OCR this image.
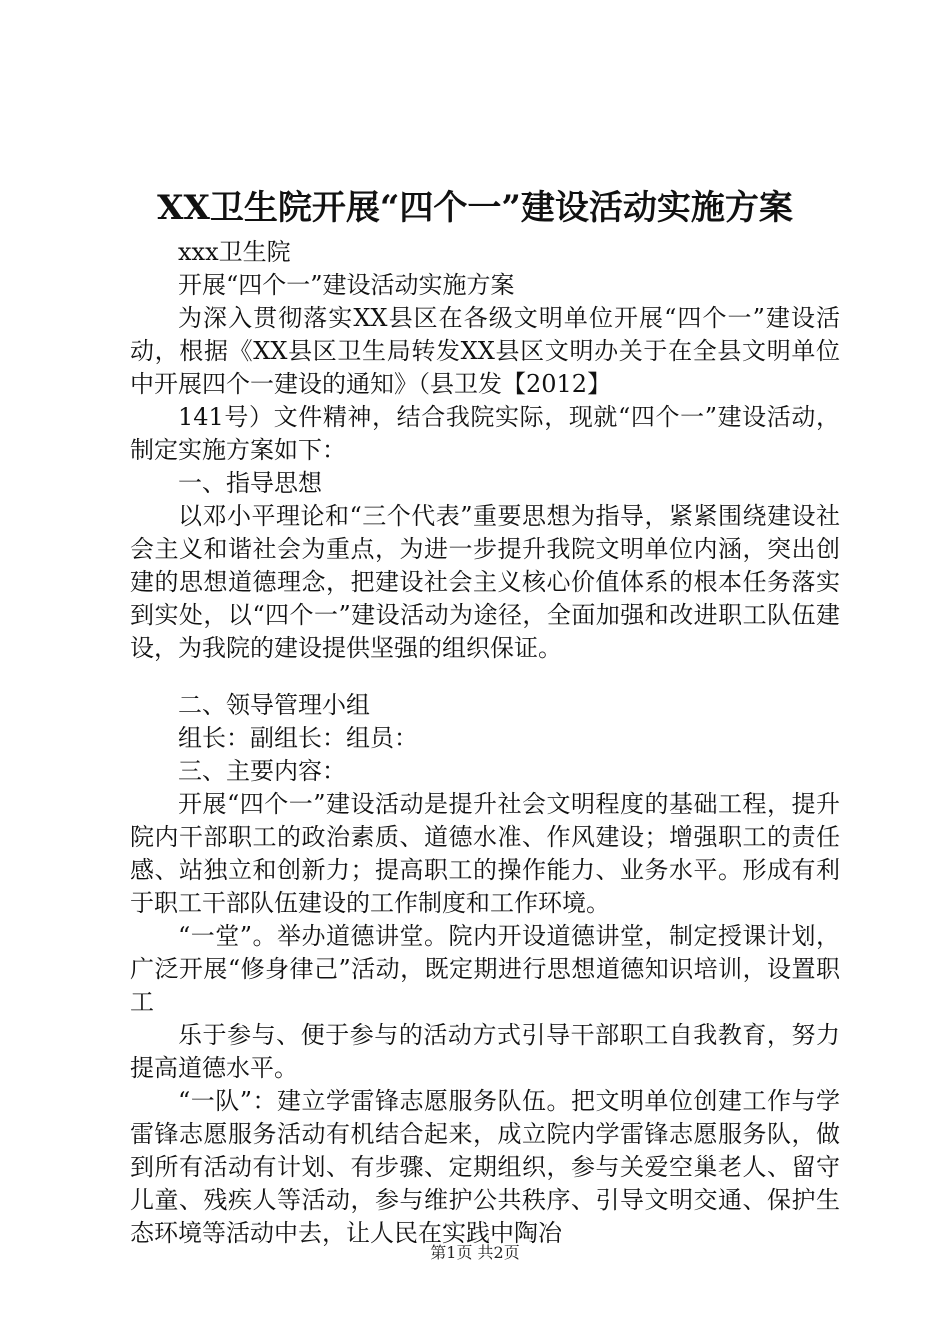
XX卫生院开展“四个一”建设活动实施方案

xxx卫生院

开展“四个一”建设活动实施方案

为深入贯彻落实XX县区在各级文明单位开展“四个一”建设活动，根据《XX县区卫生局转发XX县区文明办关于在全县文明单位中开展四个一建设的通知》（县卫发【2012】

141号）文件精神，结合我院实际，现就“四个一”建设活动，制定实施方案如下：

一、指导思想

以邓小平理论和“三个代表”重要思想为指导，紧紧围绕建设社会主义和谐社会为重点，为进一步提升我院文明单位内涵，突出创建的思想道德理念，把建设社会主义核心价值体系的根本任务落实到实处，以“四个一”建设活动为途径，全面加强和改进职工队伍建设，为我院的建设提供坚强的组织保证。

二、领导管理小组

组长：副组长：组员：

三、主要内容：

开展“四个一”建设活动是提升社会文明程度的基础工程，提升院内干部职工的政治素质、道德水准、作风建设；增强职工的责任感、站独立和创新力；提高职工的操作能力、业务水平。形成有利于职工干部队伍建设的工作制度和工作环境。

“一堂”。举办道德讲堂。院内开设道德讲堂，制定授课计划，广泛开展“修身律己”活动，既定期进行思想道德知识培训，设置职工

乐于参与、便于参与的活动方式引导干部职工自我教育，努力提高道德水平。

“一队”：建立学雷锋志愿服务队伍。把文明单位创建工作与学雷锋志愿服务活动有机结合起来，成立院内学雷锋志愿服务队，做到所有活动有计划、有步骤、定期组织，参与关爱空巢老人、留守儿童、残疾人等活动，参与维护公共秩序、引导文明交通、保护生态环境等活动中去，让人民在实践中陶冶

第1页 共2页
